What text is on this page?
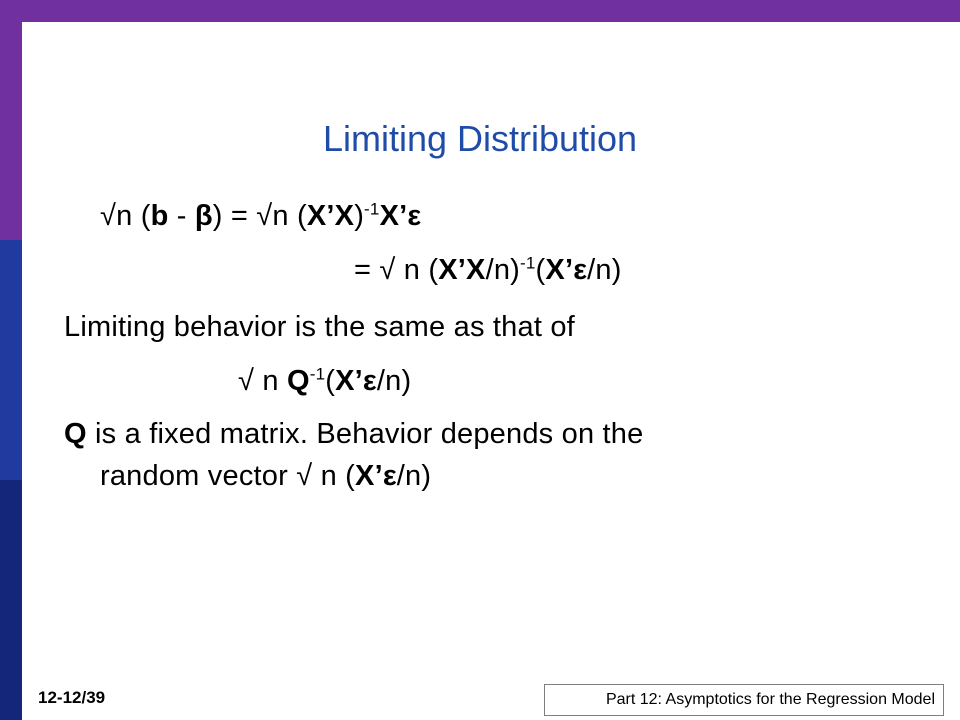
Limiting Distribution
√n (b - β) = √n (X’X)$^{-1}$X’ε
= √ n (X’X/n)$^{-1}$(X’ε/n)
Limiting behavior is the same as that of
√ n $Q^{-1}(X’\varepsilon/n)$
Q is a fixed matrix. Behavior depends on the
random vector √ n (X’ε/n)
12-12/39	Part 12: Asymptotics for the Regression Model
